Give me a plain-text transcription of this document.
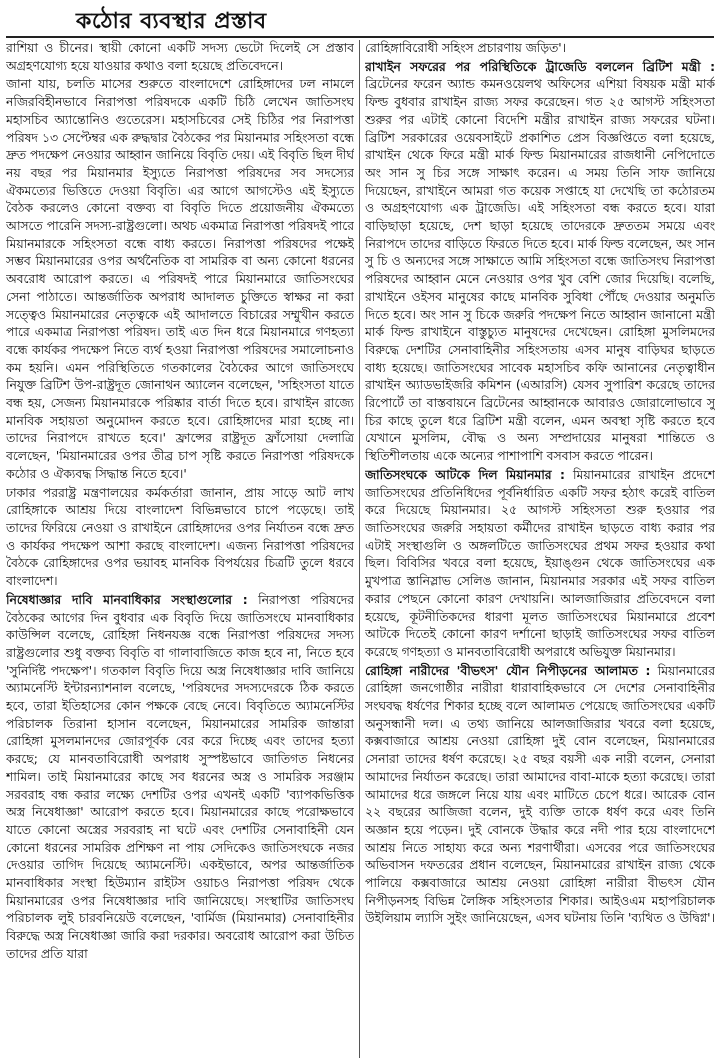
কঠোর ব্যবস্থার প্রস্তাব

রাশিয়া ও চীনের। স্থায়ী কোনো একটি সদস্য ভেটো দিলেই সে প্রস্তাব অগ্রহণযোগ্য হয়ে যাওয়ার কথাও বলা হয়েছে প্রতিবেদনে।

জানা যায়, চলতি মাসের শুরুতে বাংলাদেশে রোহিঙ্গাদের ঢল নামলে নজিরবিহীনভাবে নিরাপত্তা পরিষদকে একটি চিঠি লেখেন জাতিসংঘ মহাসচিব অ্যান্তোনিও গুতেরেস। মহাসচিবের সেই চিঠির পর নিরাপত্তা পরিষদ ১৩ সেপ্টেম্বর এক রুদ্ধদ্বার বৈঠকের পর মিয়ানমার সহিংসতা বন্ধে দ্রুত পদক্ষেপ নেওয়ার আহ্বান জানিয়ে বিবৃতি দেয়। এই বিবৃতি ছিল দীর্ঘ নয় বছর পর মিয়ানমার ইস্যুতে নিরাপত্তা পরিষদের সব সদস্যের ঐকমত্যের ভিত্তিতে দেওয়া বিবৃতি। এর আগে আগস্টেও এই ইস্যুতে বৈঠক করলেও কোনো বক্তব্য বা বিবৃতি দিতে প্রয়োজনীয় ঐকমত্যে আসতে পারেনি সদস্য-রাষ্ট্রগুলো। অথচ একমাত্র নিরাপত্তা পরিষদই পারে মিয়ানমারকে সহিংসতা বন্ধে বাধ্য করতে। নিরাপত্তা পরিষদের পক্ষেই সম্ভব মিয়ানমারের ওপর অর্থনৈতিক বা সামরিক বা অন্য কোনো ধরনের অবরোধ আরোপ করতে। এ পরিষদই পারে মিয়ানমারে জাতিসংঘের সেনা পাঠাতে। আন্তর্জাতিক অপরাধ আদালত চুক্তিতে স্বাক্ষর না করা সত্ত্বেও মিয়ানমারের নেতৃত্বকে এই আদালতে বিচারের সম্মুখীন করতে পারে একমাত্র নিরাপত্তা পরিষদ। তাই এত দিন ধরে মিয়ানমারে গণহত্যা বন্ধে কার্যকর পদক্ষেপ নিতে ব্যর্থ হওয়া নিরাপত্তা পরিষদের সমালোচনাও কম হয়নি। এমন পরিস্থিতিতে গতকালের বৈঠকের আগে জাতিসংঘে নিযুক্ত ব্রিটিশ উপ-রাষ্ট্রদূত জোনাথন অ্যালেন বলেছেন, 'সহিংসতা যাতে বন্ধ হয়, সেজন্য মিয়ানমারকে পরিষ্কার বার্তা দিতে হবে। রাখাইন রাজ্যে মানবিক সহায়তা অনুমোদন করতে হবে। রোহিঙ্গাদের মারা হচ্ছে না। তাদের নিরাপদে রাখতে হবে।' ফ্রান্সের রাষ্ট্রদূত ফ্রাঁসোয়া দেলাত্রি বলেছেন, 'মিয়ানমারের ওপর তীব্র চাপ সৃষ্টি করতে নিরাপত্তা পরিষদকে কঠোর ও ঐক্যবদ্ধ সিদ্ধান্ত নিতে হবে।'

ঢাকার পররাষ্ট্র মন্ত্রণালয়ের কর্মকর্তারা জানান, প্রায় সাড়ে আট লাখ রোহিঙ্গাকে আশ্রয় দিয়ে বাংলাদেশ বিভিন্নভাবে চাপে পড়েছে। তাই তাদের ফিরিয়ে নেওয়া ও রাখাইনে রোহিঙ্গাদের ওপর নির্যাতন বন্ধে দ্রুত ও কার্যকর পদক্ষেপ আশা করছে বাংলাদেশ। এজন্য নিরাপত্তা পরিষদের বৈঠকে রোহিঙ্গাদের ওপর ভয়াবহ মানবিক বিপর্যয়ের চিত্রটি তুলে ধরবে বাংলাদেশ।

নিষেধাজ্ঞার দাবি মানবাধিকার সংস্থাগুলোর : নিরাপত্তা পরিষদের বৈঠকের আগের দিন বুধবার এক বিবৃতি দিয়ে জাতিসংঘে মানবাধিকার কাউন্সিল বলেছে, রোহিঙ্গা নিধনযজ্ঞ বন্ধে নিরাপত্তা পরিষদের সদস্য রাষ্ট্রগুলোর শুধু বক্তব্য বিবৃতি বা গালাবাজিতে কাজ হবে না, নিতে হবে 'সুনির্দিষ্ট পদক্ষেপ'। গতকাল বিবৃতি দিয়ে অস্ত্র নিষেধাজ্ঞার দাবি জানিয়ে অ্যামনেস্টি ইন্টারন্যাশনাল বলেছে, 'পরিষদের সদস্যদেরকে ঠিক করতে হবে, তারা ইতিহাসের কোন পক্ষকে বেছে নেবে। বিবৃতিতে অ্যামনেস্টির পরিচালক তিরানা হাসান বলেছেন, মিয়ানমারের সামরিক জান্তারা রোহিঙ্গা মুসলমানদের জোরপূর্বক বের করে দিচ্ছে এবং তাদের হত্যা করছে; যে মানবতাবিরোধী অপরাধ সুস্পষ্টভাবে জাতিগত নিধনের শামিল। তাই মিয়ানমারের কাছে সব ধরনের অস্ত্র ও সামরিক সরঞ্জাম সরবরাহ বন্ধ করার লক্ষ্যে দেশটির ওপর এখনই একটি 'ব্যাপকভিত্তিক অস্ত্র নিষেধাজ্ঞা' আরোপ করতে হবে। মিয়ানমারের কাছে পরোক্ষভাবে যাতে কোনো অস্ত্রের সরবরাহ না ঘটে এবং দেশটির সেনাবাহিনী যেন কোনো ধরনের সামরিক প্রশিক্ষণ না পায় সেদিকেও জাতিসংঘকে নজর দেওয়ার তাগিদ দিয়েছে অ্যামনেস্টি। একইভাবে, অপর আন্তর্জাতিক মানবাধিকার সংস্থা হিউম্যান রাইটস ওয়াচও নিরাপত্তা পরিষদ থেকে মিয়ানমারের ওপর নিষেধাজ্ঞার দাবি জানিয়েছে। সংস্থাটির জাতিসংঘ পরিচালক লুই চারবনিয়েউ বলেছেন, 'বার্মিজ (মিয়ানমার) সেনাবাহিনীর বিরুদ্ধে অস্ত্র নিষেধাজ্ঞা জারি করা দরকার। অবরোধ আরোপ করা উচিত তাদের প্রতি যারা

রোহিঙ্গাবিরোধী সহিংস প্রচারণায় জড়িত'।

রাখাইন সফরের পর পরিস্থিতিকে ট্রাজেডি বললেন ব্রিটিশ মন্ত্রী : ব্রিটেনের ফরেন অ্যান্ড কমনওয়েলথ অফিসের এশিয়া বিষয়ক মন্ত্রী মার্ক ফিল্ড বুধবার রাখাইন রাজ্য সফর করেছেন। গত ২৫ আগস্ট সহিংসতা শুরুর পর এটাই কোনো বিদেশি মন্ত্রীর রাখাইন রাজ্য সফরের ঘটনা। ব্রিটিশ সরকারের ওয়েবসাইটে প্রকাশিত প্রেস বিজ্ঞপ্তিতে বলা হয়েছে, রাখাইন থেকে ফিরে মন্ত্রী মার্ক ফিল্ড মিয়ানমারের রাজধানী নেপিদোতে অং সান সু চির সঙ্গে সাক্ষাৎ করেন। এ সময় তিনি সাফ জানিয়ে দিয়েছেন, রাখাইনে আমরা গত কয়েক সপ্তাহে যা দেখেছি তা কঠোরতম ও অগ্রহণযোগ্য এক ট্রাজেডি। এই সহিংসতা বন্ধ করতে হবে। যারা বাড়িছাড়া হয়েছে, দেশ ছাড়া হয়েছে তাদেরকে দ্রুততম সময়ে এবং নিরাপদে তাদের বাড়িতে ফিরতে দিতে হবে। মার্ক ফিল্ড বলেছেন, অং সান সু চি ও অন্যদের সঙ্গে সাক্ষাতে আমি সহিংসতা বন্ধে জাতিসংঘ নিরাপত্তা পরিষদের আহ্বান মেনে নেওয়ার ওপর খুব বেশি জোর দিয়েছি। বলেছি, রাখাইনে ওইসব মানুষের কাছে মানবিক সুবিধা পৌঁছে দেওয়ার অনুমতি দিতে হবে। অং সান সু চিকে জরুরি পদক্ষেপ নিতে আহ্বান জানানো মন্ত্রী মার্ক ফিল্ড রাখাইনে বাস্তুচ্যুত মানুষদের দেখেছেন। রোহিঙ্গা মুসলিমদের বিরুদ্ধে দেশটির সেনাবাহিনীর সহিংসতায় এসব মানুষ বাড়িঘর ছাড়তে বাধ্য হয়েছে। জাতিসংঘের সাবেক মহাসচিব কফি আনানের নেতৃত্বাধীন রাখাইন অ্যাডভাইজরি কমিশন (এআরসি) যেসব সুপারিশ করেছে তাদের রিপোর্টে তা বাস্তবায়নে ব্রিটেনের আহ্বানকে আবারও জোরালোভাবে সু চির কাছে তুলে ধরে ব্রিটিশ মন্ত্রী বলেন, এমন অবস্থা সৃষ্টি করতে হবে যেখানে মুসলিম, বৌদ্ধ ও অন্য সম্প্রদায়ের মানুষরা শান্তিতে ও স্থিতিশীলতায় একে অন্যের পাশাপাশি বসবাস করতে পারেন।

জাতিসংঘকে আটকে দিল মিয়ানমার : মিয়ানমারের রাখাইন প্রদেশে জাতিসংঘের প্রতিনিধিদের পূর্বনির্ধারিত একটি সফর হঠাৎ করেই বাতিল করে দিয়েছে মিয়ানমার। ২৫ আগস্ট সহিংসতা শুরু হওয়ার পর জাতিসংঘের জরুরি সহায়তা কর্মীদের রাখাইন ছাড়তে বাধ্য করার পর এটাই সংস্থাগুলি ও অঙ্গলটিতে জাতিসংঘের প্রথম সফর হওয়ার কথা ছিল। বিবিসির খবরে বলা হয়েছে, ইয়াঙ্গুন থেকে জাতিসংঘের এক মুখপাত্র স্তানিস্লাভ সেলিঙ জানান, মিয়ানমার সরকার এই সফর বাতিল করার পেছনে কোনো কারণ দেখায়নি। আলজাজিরার প্রতিবেদনে বলা হয়েছে, কূটনীতিকদের ধারণা মূলত জাতিসংঘের মিয়ানমারে প্রবেশ আটকে দিতেই কোনো কারণ দর্শানো ছাড়াই জাতিসংঘের সফর বাতিল করেছে গণহত্যা ও মানবতাবিরোধী অপরাধে অভিযুক্ত মিয়ানমার।

রোহিঙ্গা নারীদের 'বীভৎস' যৌন নিপীড়নের আলামত : মিয়ানমারের রোহিঙ্গা জনগোষ্ঠীর নারীরা ধারাবাহিকভাবে সে দেশের সেনাবাহিনীর সংঘবদ্ধ ধর্ষণের শিকার হচ্ছে বলে আলামত পেয়েছে জাতিসংঘের একটি অনুসন্ধানী দল। এ তথ্য জানিয়ে আলজাজিরার খবরে বলা হয়েছে, কক্সবাজারে আশ্রয় নেওয়া রোহিঙ্গা দুই বোন বলেছেন, মিয়ানমারের সেনারা তাদের ধর্ষণ করেছে। ২৫ বছর বয়সী এক নারী বলেন, সেনারা আমাদের নির্যাতন করেছে। তারা আমাদের বাবা-মাকে হত্যা করেছে। তারা আমাদের ধরে জঙ্গলে নিয়ে যায় এবং মাটিতে চেপে ধরে। আরেক বোন ২২ বছরের আজিজা বলেন, দুই ব্যক্তি তাকে ধর্ষণ করে এবং তিনি অজ্ঞান হয়ে পড়েন। দুই বোনকে উদ্ধার করে নদী পার হয়ে বাংলাদেশে আশ্রয় নিতে সাহায্য করে অন্য শরণার্থীরা। এসবের পরে জাতিসংঘের অভিবাসন দফতরের প্রধান বলেছেন, মিয়ানমারের রাখাইন রাজ্য থেকে পালিয়ে কক্সবাজারে আশ্রয় নেওয়া রোহিঙ্গা নারীরা বীভৎস যৌন নিপীড়নসহ বিভিন্ন লৈঙ্গিক সহিংসতার শিকার। আইওএম মহাপরিচালক উইলিয়াম ল্যাসি সুইং জানিয়েছেন, এসব ঘটনায় তিনি 'ব্যথিত ও উদ্বিগ্ন'।
